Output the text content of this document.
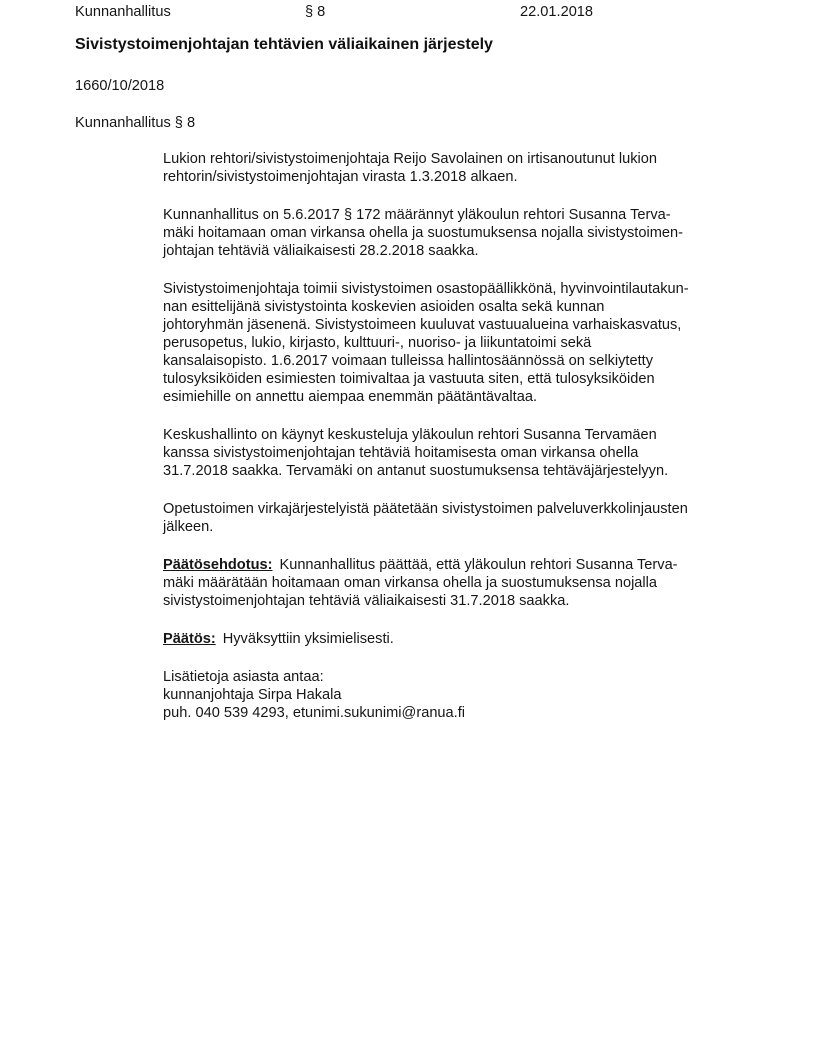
Kunnanhallitus	§ 8	22.01.2018
Sivistystoimenjohtajan tehtävien väliaikainen järjestely
1660/10/2018
Kunnanhallitus § 8

Lukion rehtori/sivistystoimenjohtaja Reijo Savolainen on irtisanoutunut lukion
rehtorin/sivistystoimenjohtajan virasta 1.3.2018 alkaen.

Kunnanhallitus on 5.6.2017 § 172 määrännyt yläkoulun rehtori Susanna Terva-
mäki hoitamaan oman virkansa ohella ja suostumuksensa nojalla sivistystoimen-
johtajan tehtäviä väliaikaisesti 28.2.2018 saakka.

Sivistystoimenjohtaja toimii sivistystoimen osastopäällikkönä, hyvinvointilautakun-
nan esittelijänä sivistystointa koskevien asioiden osalta sekä kunnan
johtoryhmän jäsenenä. Sivistystoimeen kuuluvat vastuualueina varhaiskasvatus,
perusopetus, lukio, kirjasto, kulttuuri-, nuoriso- ja liikuntatoimi sekä
kansalaisopisto. 1.6.2017 voimaan tulleissa hallintosäännössä on selkiytetty
tulosyksiköiden esimiesten toimivaltaa ja vastuuta siten, että tulosyksiköiden
esimiehille on annettu aiempaa enemmän päätäntävaltaa.

Keskushallinto on käynyt keskusteluja yläkoulun rehtori Susanna Tervamäen
kanssa sivistystoimenjohtajan tehtäviä hoitamisesta oman virkansa ohella
31.7.2018 saakka. Tervamäki on antanut suostumuksensa tehtäväjärjestelyyn.

Opetustoimen virkajärjestelyistä päätetään sivistystoimen palveluverkkolinjausten
jälkeen.

Päätösehdotus: Kunnanhallitus päättää, että yläkoulun rehtori Susanna Terva-
mäki määrätään hoitamaan oman virkansa ohella ja suostumuksensa nojalla
sivistystoimenjohtajan tehtäviä väliaikaisesti 31.7.2018 saakka.

Päätös: Hyväksyttiin yksimielisesti.

Lisätietoja asiasta antaa:
kunnanjohtaja Sirpa Hakala
puh. 040 539 4293, etunimi.sukunimi@ranua.fi
